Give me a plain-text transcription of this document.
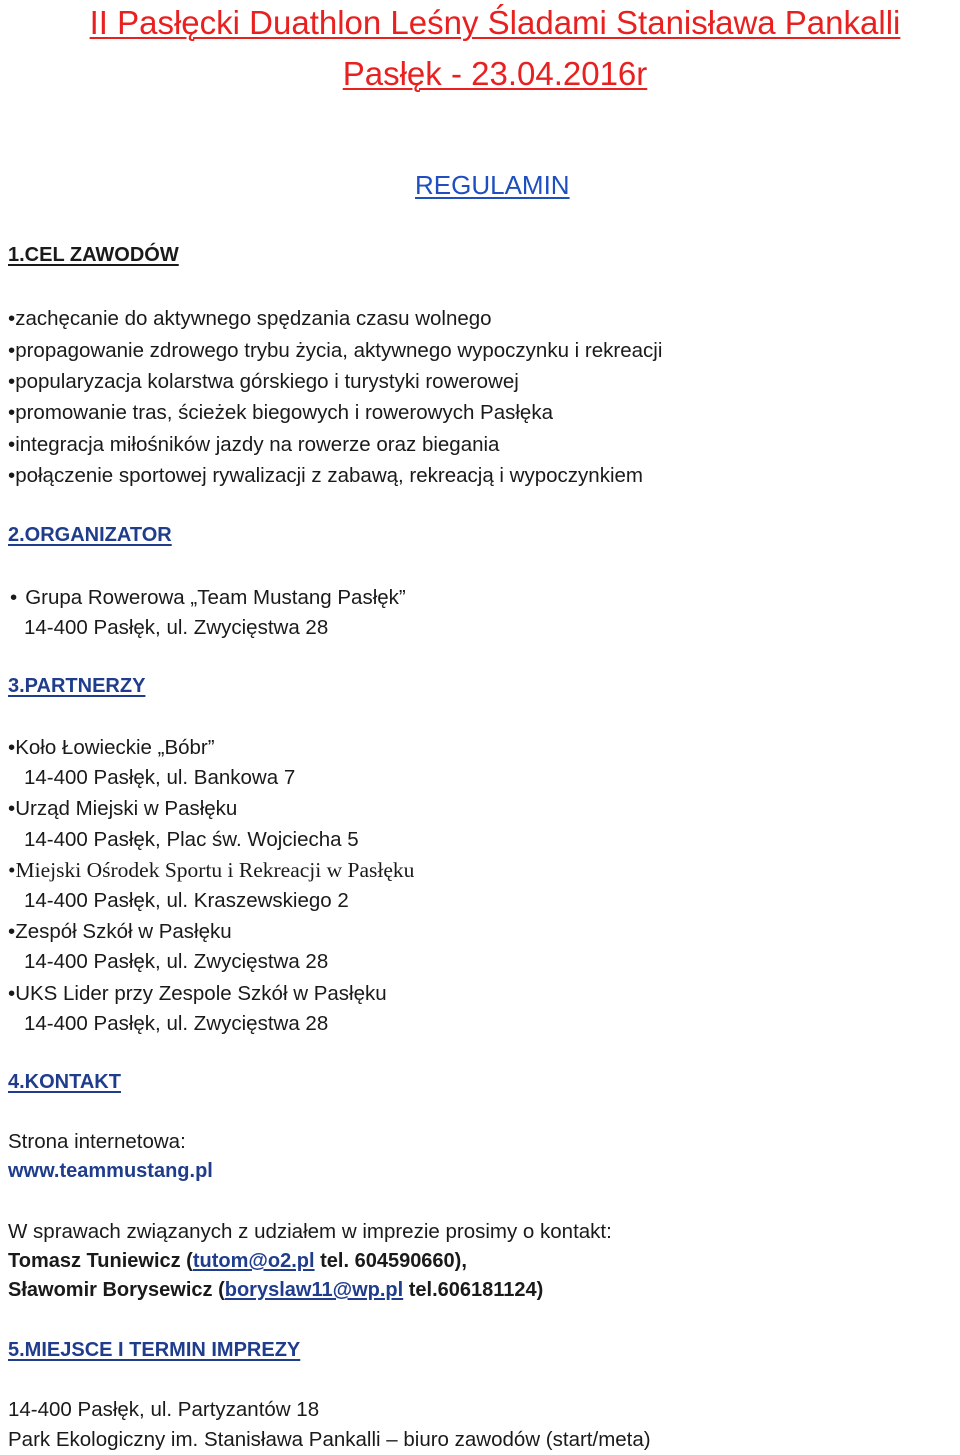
II Pasłęcki Duathlon Leśny Śladami Stanisława Pankalli
Pasłęk - 23.04.2016r
REGULAMIN
1.CEL ZAWODÓW
•zachęcanie do aktywnego spędzania czasu wolnego
•propagowanie zdrowego trybu życia, aktywnego wypoczynku i rekreacji
•popularyzacja kolarstwa górskiego i turystyki rowerowej
•promowanie tras, ścieżek biegowych i rowerowych Pasłęka
•integracja miłośników jazdy na rowerze oraz biegania
•połączenie sportowej rywalizacji z zabawą, rekreacją i wypoczynkiem
2.ORGANIZATOR
• Grupa Rowerowa „Team Mustang Pasłęk”
14-400 Pasłęk, ul. Zwycięstwa 28
3.PARTNERZY
•Koło Łowieckie „Bóbr”
14-400 Pasłęk, ul. Bankowa 7
•Urząd Miejski w Pasłęku
14-400 Pasłęk, Plac św. Wojciecha 5
•Miejski Ośrodek Sportu i Rekreacji w Pasłęku
14-400 Pasłęk, ul. Kraszewskiego 2
•Zespół Szkół w Pasłęku
14-400 Pasłęk, ul. Zwycięstwa 28
•UKS Lider przy Zespole Szkół w Pasłęku
14-400 Pasłęk, ul. Zwycięstwa 28
4.KONTAKT
Strona internetowa:
www.teammustang.pl
W sprawach związanych z udziałem w imprezie prosimy o kontakt:
Tomasz Tuniewicz (tutom@o2.pl tel. 604590660),
Sławomir Borysewicz (boryslaw11@wp.pl tel.606181124)
5.MIEJSCE I TERMIN IMPREZY
14-400 Pasłęk, ul. Partyzantów 18
Park Ekologiczny im. Stanisława Pankalli – biuro zawodów (start/meta)
